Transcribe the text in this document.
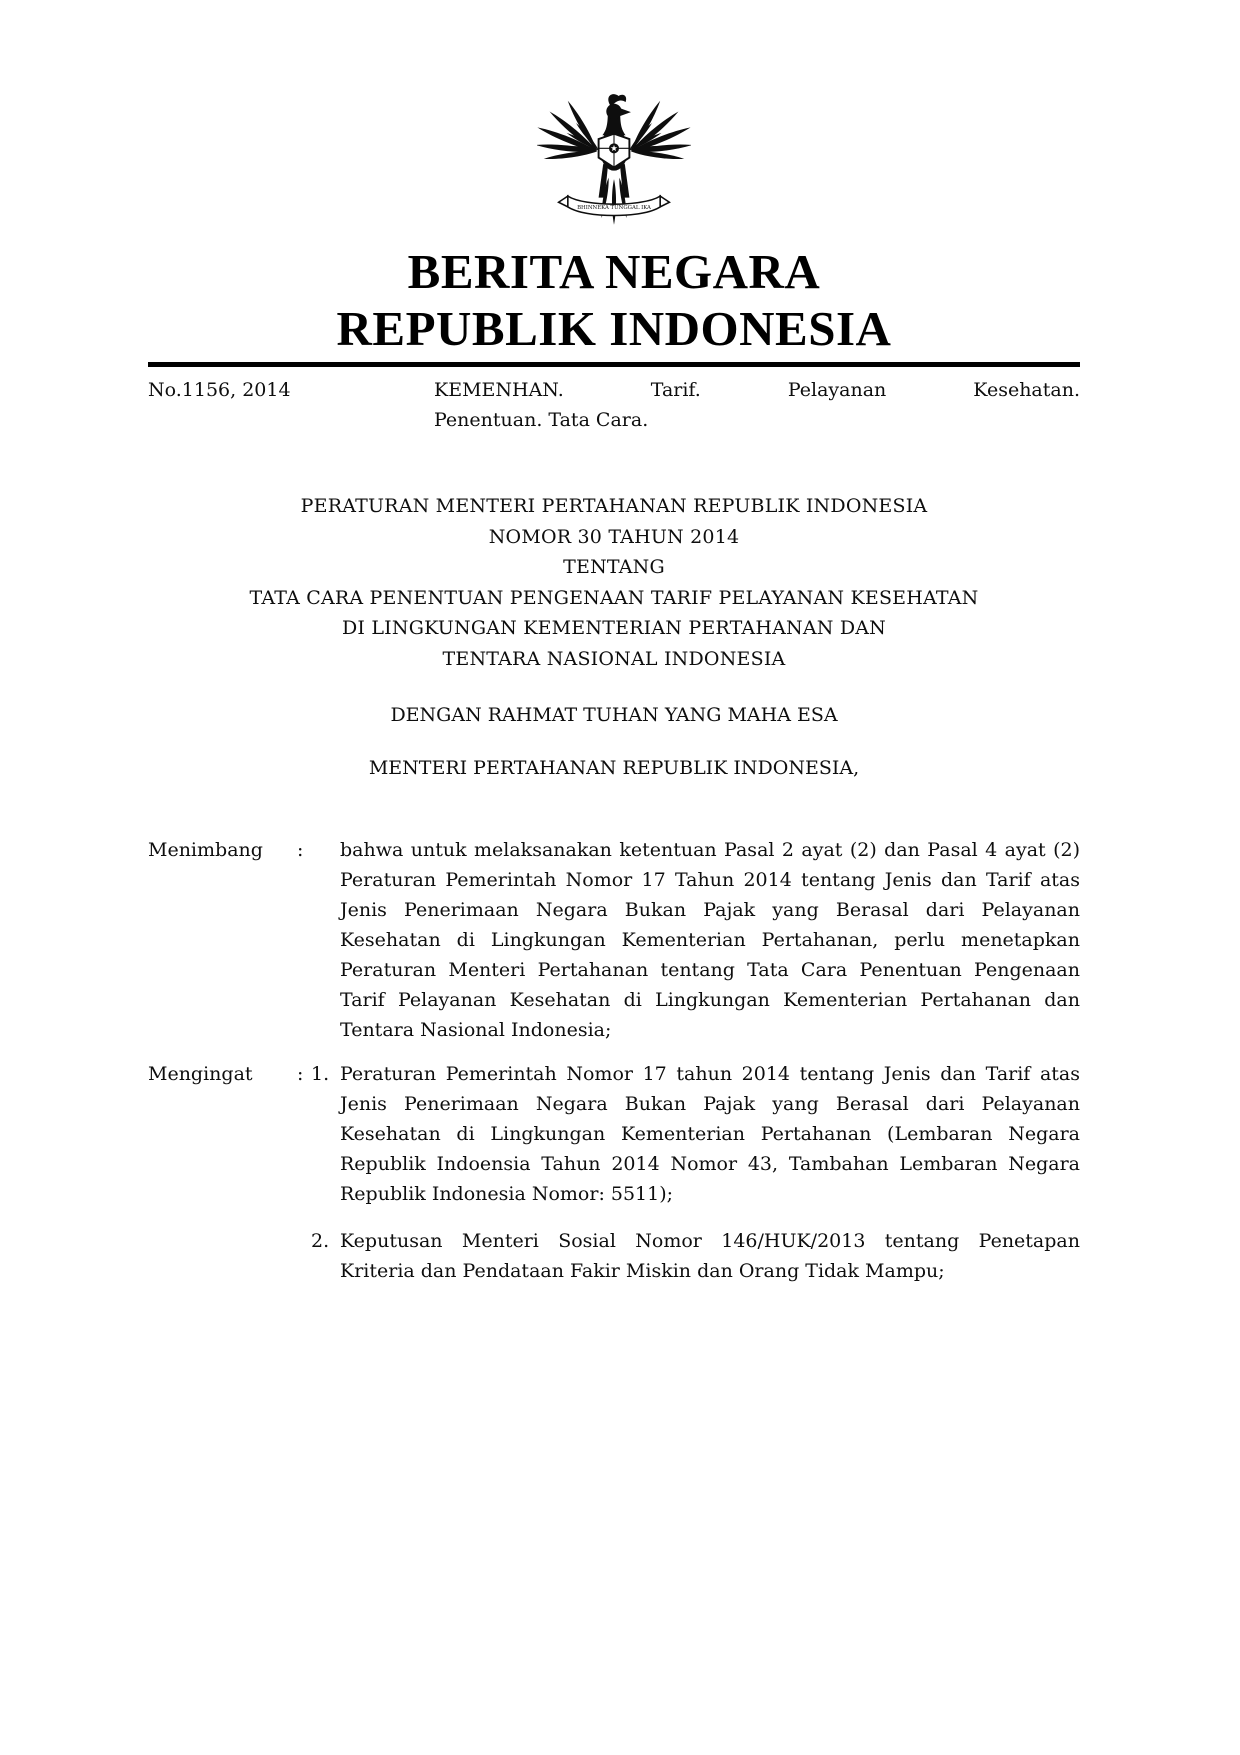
BHINNEKA TUNGGAL IKA
BERITA NEGARA
REPUBLIK INDONESIA
No.1156, 2014	KEMENHAN. Tarif. Pelayanan Kesehatan.
Penentuan. Tata Cara.
PERATURAN MENTERI PERTAHANAN REPUBLIK INDONESIA
NOMOR 30 TAHUN 2014
TENTANG
TATA CARA PENENTUAN PENGENAAN TARIF PELAYANAN KESEHATAN
DI LINGKUNGAN KEMENTERIAN PERTAHANAN DAN
TENTARA NASIONAL INDONESIA

DENGAN RAHMAT TUHAN YANG MAHA ESA

MENTERI PERTAHANAN REPUBLIK INDONESIA,

Menimbang	:	bahwa untuk melaksanakan ketentuan Pasal 2 ayat (2) dan Pasal 4 ayat (2) Peraturan Pemerintah Nomor 17 Tahun 2014 tentang Jenis dan Tarif atas Jenis Penerimaan Negara Bukan Pajak yang Berasal dari Pelayanan Kesehatan di Lingkungan Kementerian Pertahanan, perlu menetapkan Peraturan Menteri Pertahanan tentang Tata Cara Penentuan Pengenaan Tarif Pelayanan Kesehatan di Lingkungan Kementerian Pertahanan dan Tentara Nasional Indonesia;

Mengingat	: 1. Peraturan Pemerintah Nomor 17 tahun 2014 tentang Jenis dan Tarif atas Jenis Penerimaan Negara Bukan Pajak yang Berasal dari Pelayanan Kesehatan di Lingkungan Kementerian Pertahanan (Lembaran Negara Republik Indoensia Tahun 2014 Nomor 43, Tambahan Lembaran Negara Republik Indonesia Nomor: 5511);

2. Keputusan Menteri Sosial Nomor 146/HUK/2013 tentang Penetapan Kriteria dan Pendataan Fakir Miskin dan Orang Tidak Mampu;
